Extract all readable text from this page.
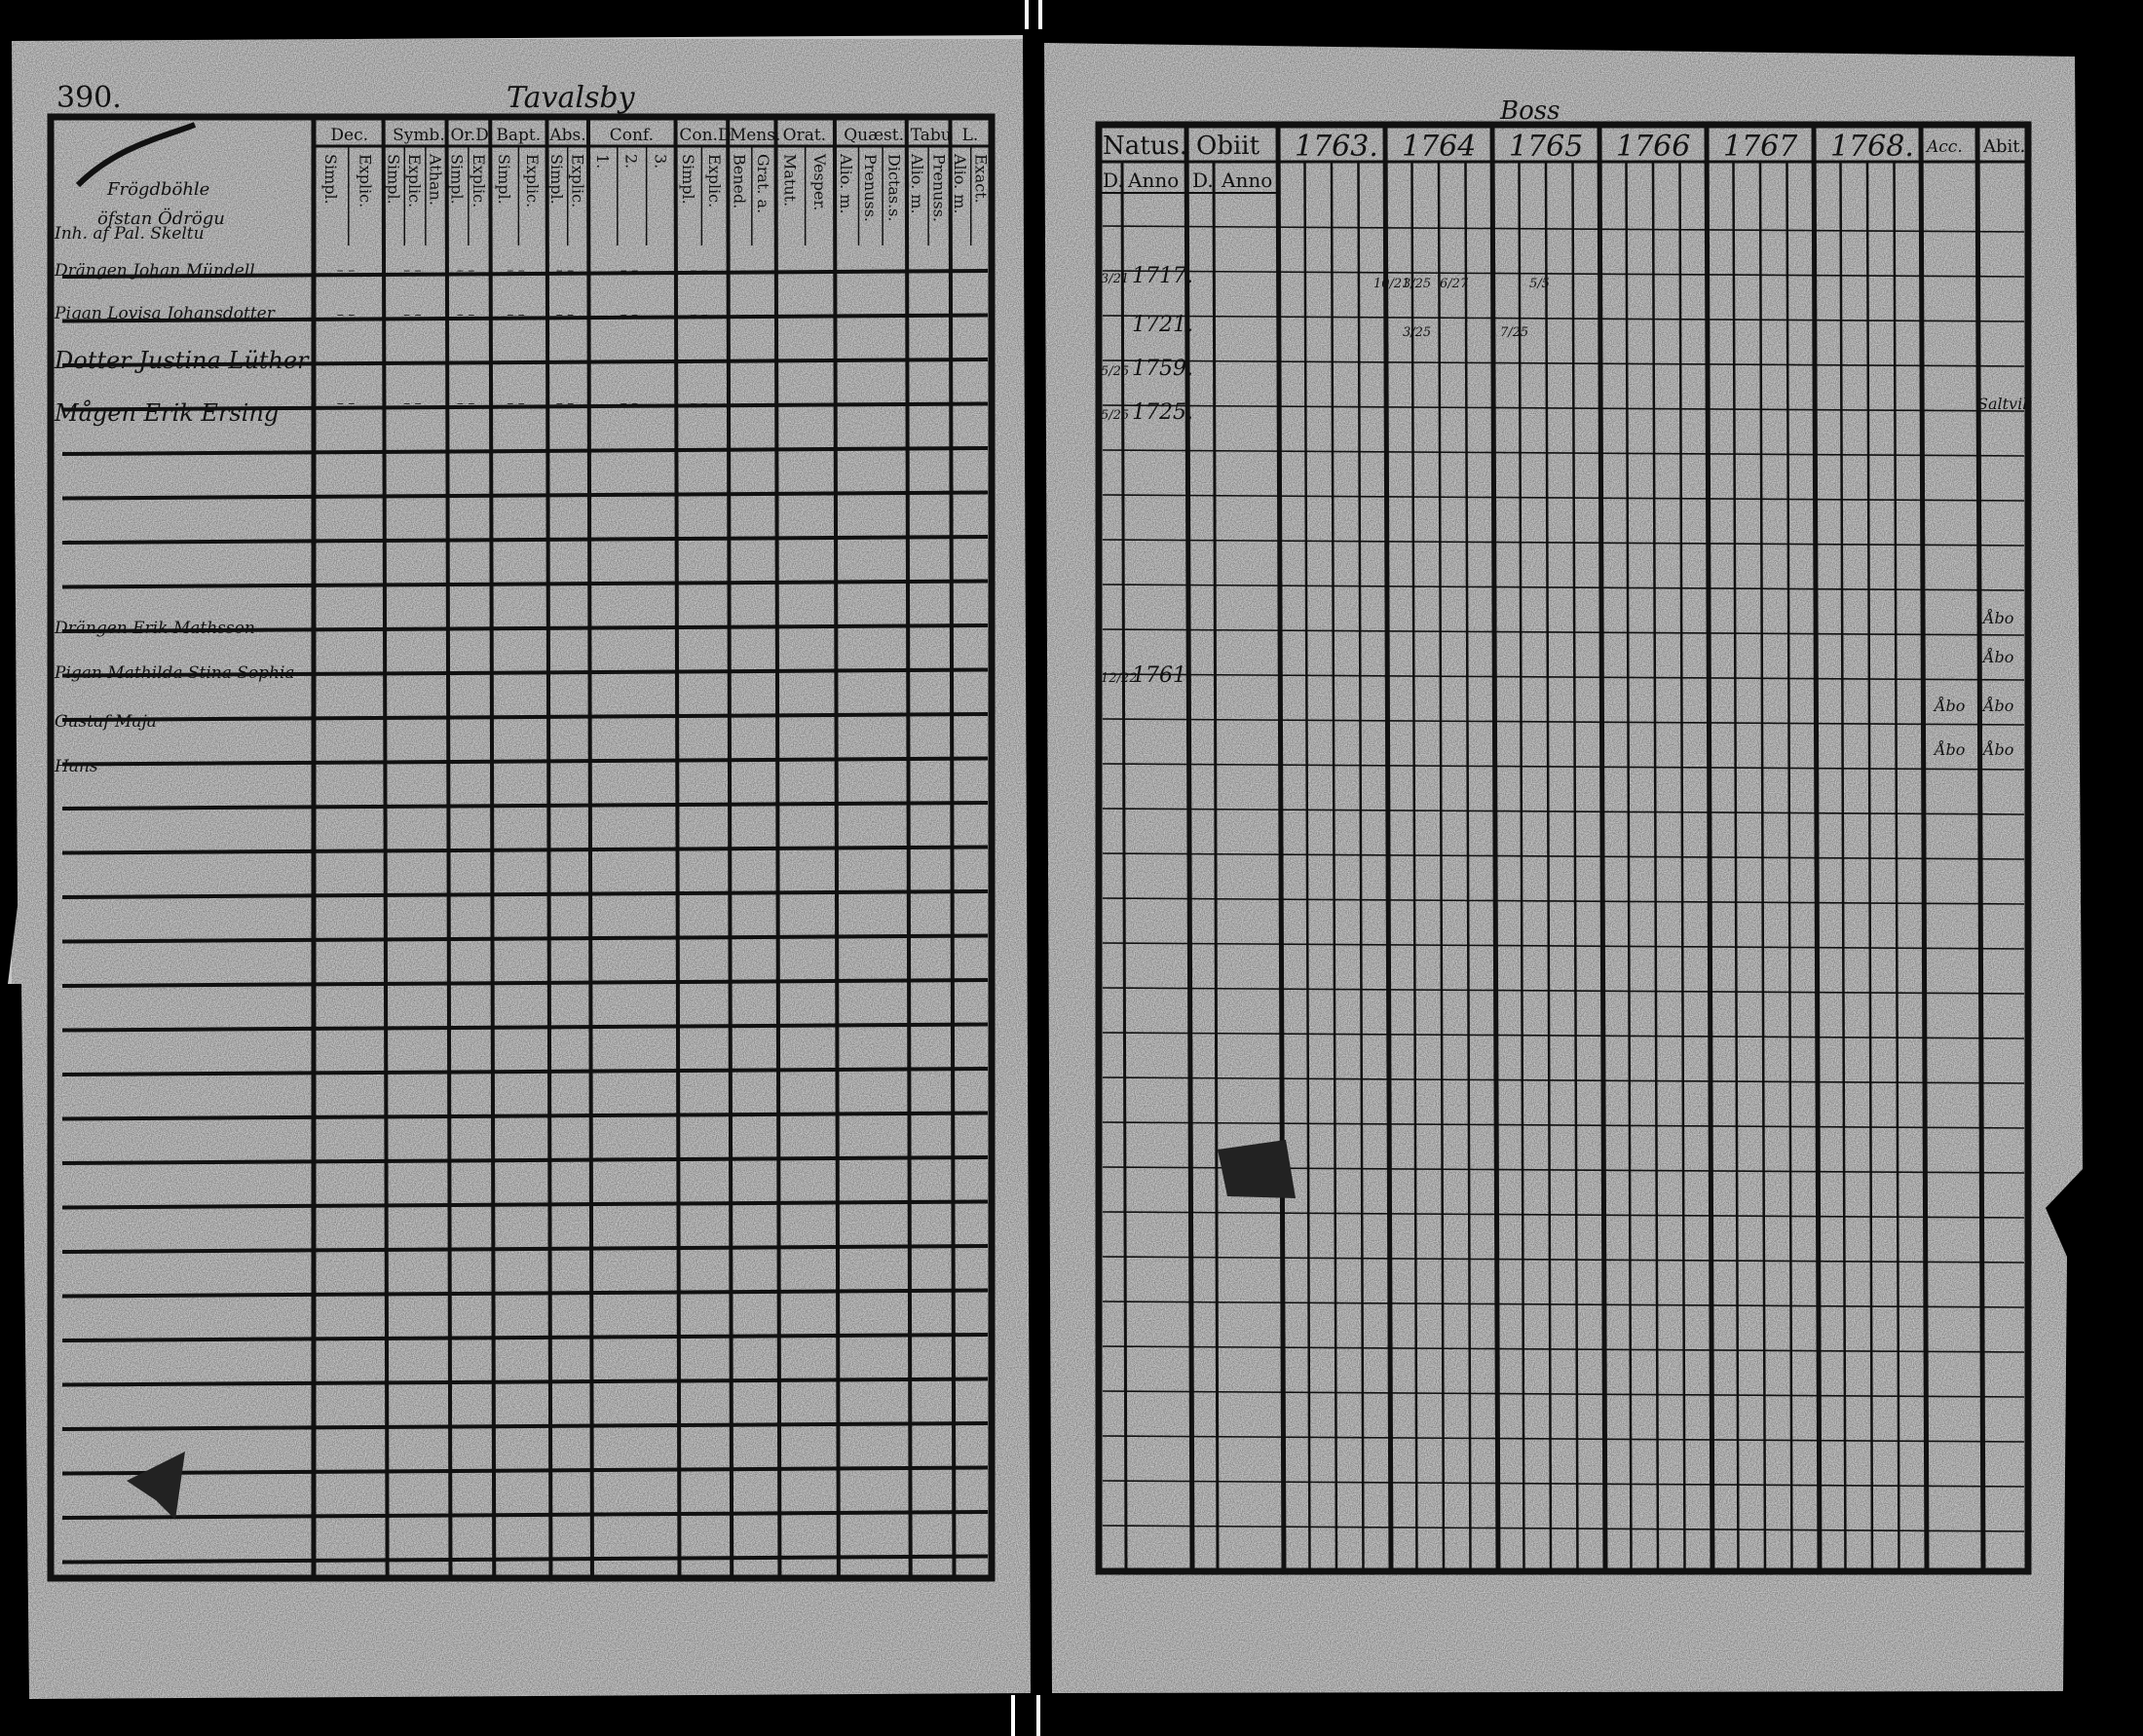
390.	Tavalsby	Boss
Dec.
Simpl. Explic.
Symb.
Simpl. Explic. Athan.
Or.D
Simpl. Explic.
Bapt.
Simpl. Explic.
Abs.
Simpl. Explic.
Conf.
1. 2. 3.
Con.D
Simpl. Explic.
Mens.
Bened. Grat. a.
Orat.
Matut. Vesper.
Quæst.
Alio. m. Prenuss. Dictas.s.
Tabu
Alio. m. Prenuss.
L.
Alio. m. Exact.
– –	– –	– – – – – –	– –	– – – –	– –	– –
– –	– –	– – – – – –	– –	– – – –	– –	– –
– –	– –	– – – – – –	– –	– – – –	– –	– –
Frögdböhle
öfstan Ödrögu
Inh. af Pal. Skeltu
Drängen Johan Mündell
Pigan Lovisa Johansdotter
Dotter Justina Lüther
Mågen Erik Ersing
Drängen Erik Mathsson
Pigan Mathilda Stina Sophia
Gustaf Maja
Hans
Natus. Obiit
D. Anno D. Anno
Acc. Abit.
1763. 1764 1765 1766 1767 1768.
3/21 1717.
1721.
5/25 1759.
5/25 1725.
12/22
1761.
10/21
3/25 6/27	5/5
3/25	7/25
Åbo
Åbo
Åbo Åbo
Åbo Åbo
Saltvik
